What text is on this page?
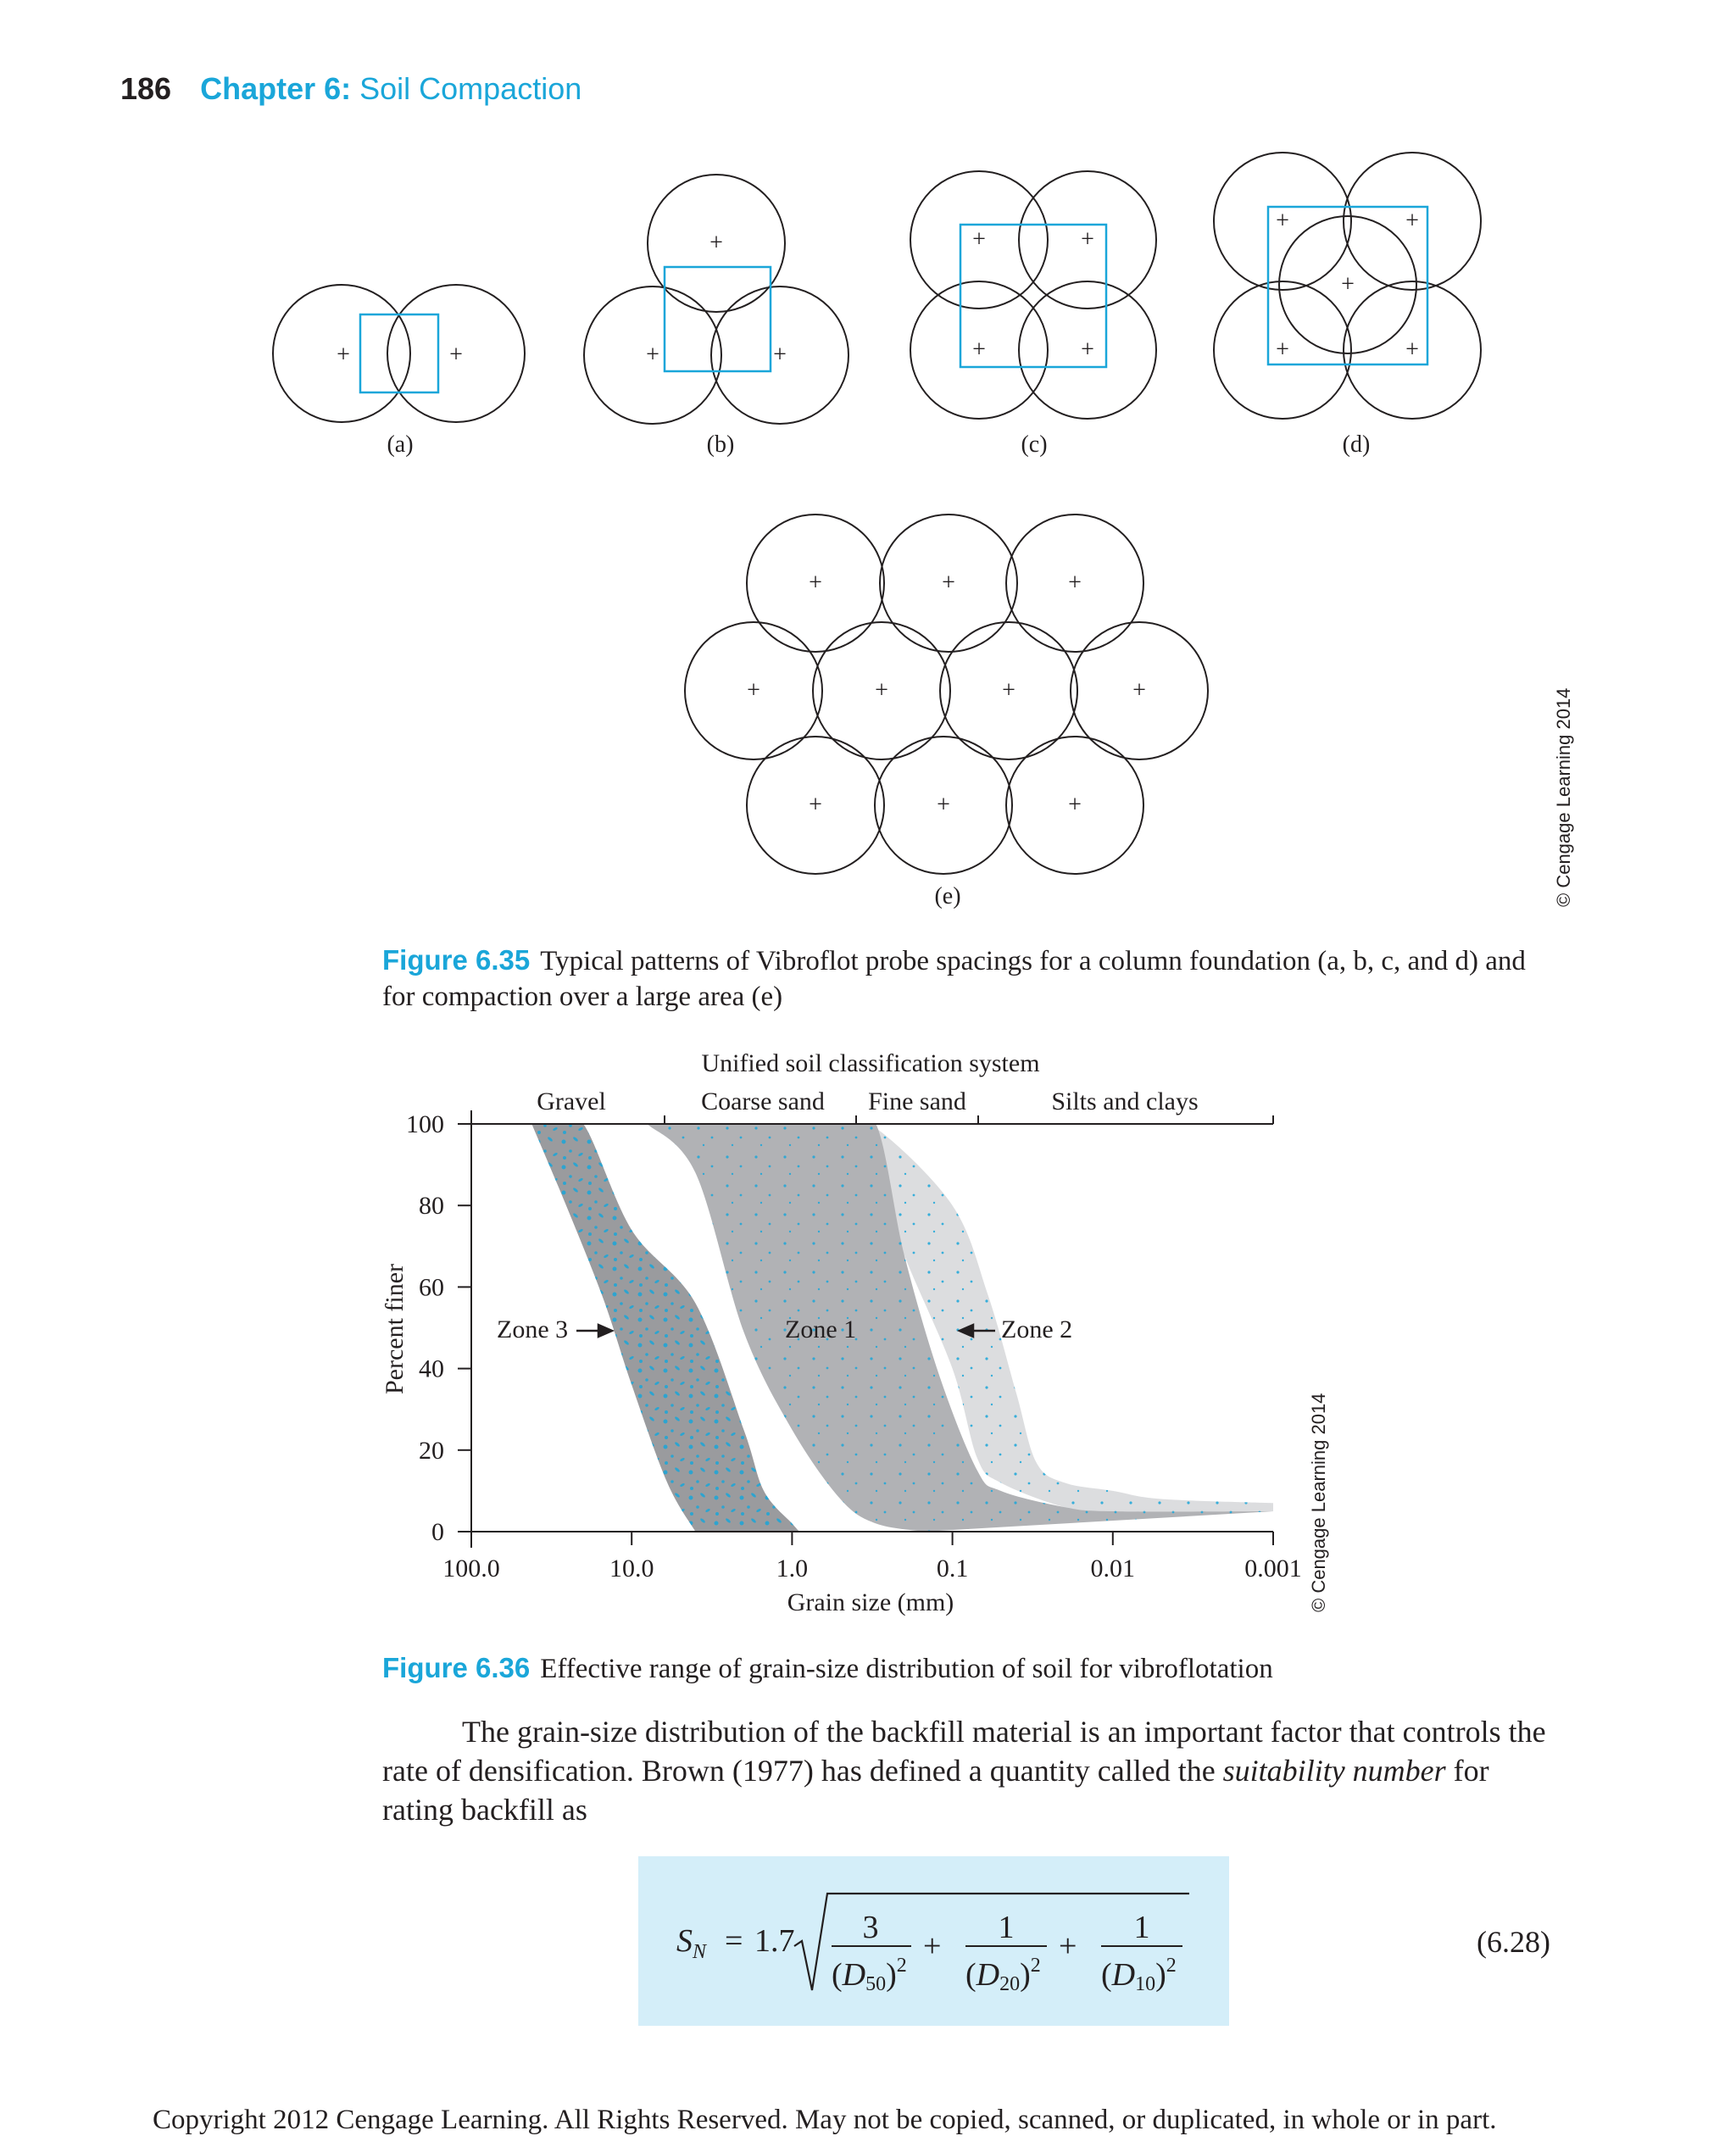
186 Chapter 6: Soil Compaction
+	+
+
+	+
+	+
+	+
+	+
+
+	+
+	+	+
+	+	+	+
+	+	+
(a)	(b)	(c)	(d)
(e)	© Cengage Learning 2014
Figure 6.35 Typical patterns of Vibroflot probe spacings for a column foundation (a, b, c, and d) and for compaction over a large area (e)
100.0	10.0	1.0	0.1	0.01	0.001
0
20
40
60
80
100
Unified soil classification system
Gravel	Coarse sand Fine sand	Silts and clays
Zone 3	Zone 1	Zone 2
Grain size (mm)
Percent finer
© Cengage Learning 2014
Figure 6.36 Effective range of grain-size distribution of soil for vibroflotation

The grain-size distribution of the backfill material is an important factor that controls the rate of densification. Brown (1977) has defined a quantity called the suitability number for rating backfill as

$S_N = 1.7$ 3
$(D50)^2$
+
1
$(D20)^2$
+
1
$(D10)^2$
(6.28)
Copyright 2012 Cengage Learning. All Rights Reserved. May not be copied, scanned, or duplicated, in whole or in part.
